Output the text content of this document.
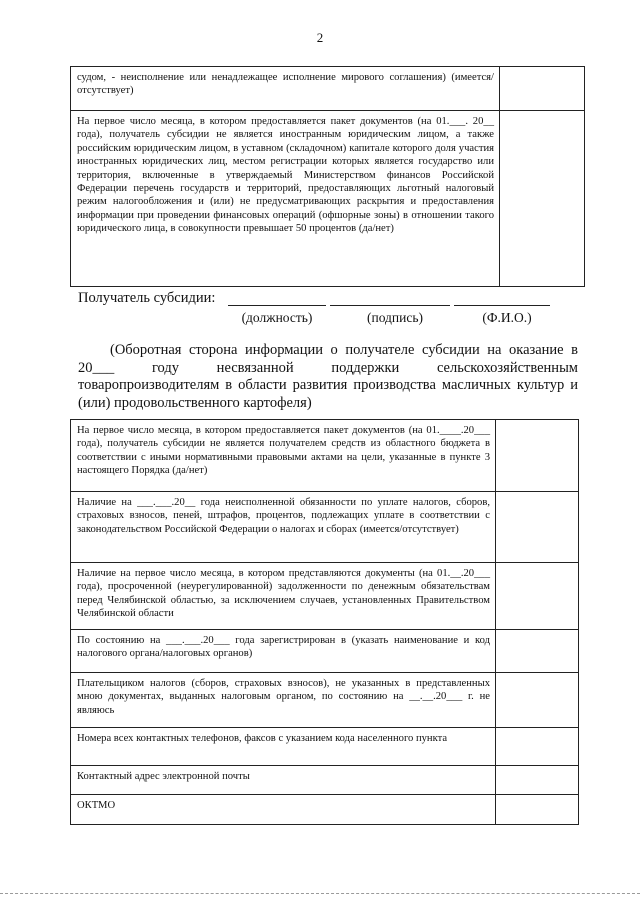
2
судом, - неисполнение или ненадлежащее исполнение мирового соглашения) (имеется/отсутствует)	
На первое число месяца, в котором предоставляется пакет документов (на 01.___. 20__ года), получатель субсидии не является иностранным юридическим лицом, а также российским юридическим лицом, в уставном (складочном) капитале которого доля участия иностранных юридических лиц, местом регистрации которых является государство или территория, включенные в утверждаемый Министерством финансов Российской Федерации перечень государств и территорий, предоставляющих льготный налоговый режим налогообложения и (или) не предусматривающих раскрытия и предоставления информации при проведении финансовых операций (офшорные зоны) в отношении такого юридического лица, в совокупности превышает 50 процентов (да/нет)	
Получатель субсидии:
(должность)	(подпись)	(Ф.И.О.)
(Оборотная сторона информации о получателе субсидии на оказание в 20___ году несвязанной поддержки сельскохозяйственным товаропроизводителям в области развития производства масличных культур и (или) продовольственного картофеля)
На первое число месяца, в котором предоставляется пакет документов (на 01.____.20___ года), получатель субсидии не является получателем средств из областного бюджета в соответствии с иными нормативными правовыми актами на цели, указанные в пункте 3 настоящего Порядка (да/нет)	
Наличие на ___.___.20__ года неисполненной обязанности по уплате налогов, сборов, страховых взносов, пеней, штрафов, процентов, подлежащих уплате в соответствии с законодательством Российской Федерации о налогах и сборах (имеется/отсутствует)	
Наличие на первое число месяца, в котором представляются документы (на 01.__.20___ года), просроченной (неурегулированной) задолженности по денежным обязательствам перед Челябинской областью, за исключением случаев, установленных Правительством Челябинской области	
По состоянию на ___.___.20___ года зарегистрирован в (указать наименование и код налогового органа/налоговых органов)	
Плательщиком налогов (сборов, страховых взносов), не указанных в представленных мною документах, выданных налоговым органом, по состоянию на __.__.20___ г. не являюсь	
Номера всех контактных телефонов, факсов с указанием кода населенного пункта	
Контактный адрес электронной почты	
ОКТМО	
